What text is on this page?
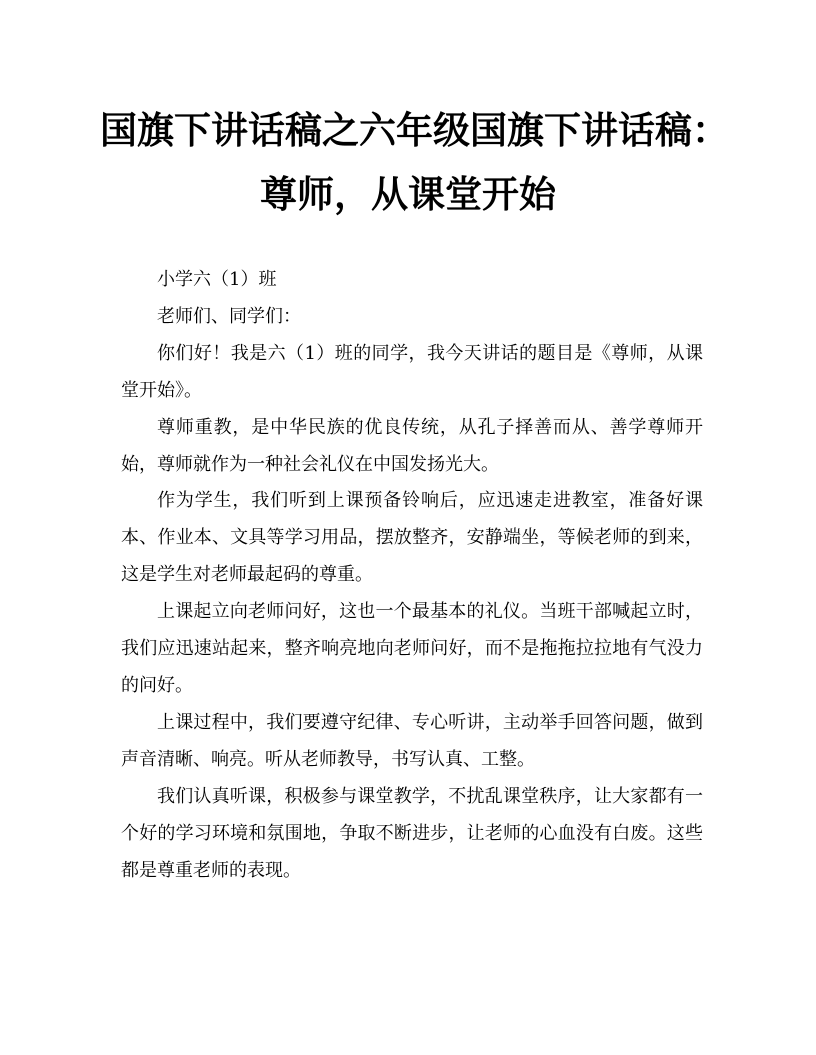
国旗下讲话稿之六年级国旗下讲话稿：
尊师，从课堂开始

小学六（1）班

老师们、同学们：

你们好！我是六（1）班的同学，我今天讲话的题目是《尊师，从课堂开始》。

尊师重教，是中华民族的优良传统，从孔子择善而从、善学尊师开始，尊师就作为一种社会礼仪在中国发扬光大。

作为学生，我们听到上课预备铃响后，应迅速走进教室，准备好课本、作业本、文具等学习用品，摆放整齐，安静端坐，等候老师的到来，这是学生对老师最起码的尊重。

上课起立向老师问好，这也一个最基本的礼仪。当班干部喊起立时，我们应迅速站起来，整齐响亮地向老师问好，而不是拖拖拉拉地有气没力的问好。

上课过程中，我们要遵守纪律、专心听讲，主动举手回答问题，做到声音清晰、响亮。听从老师教导，书写认真、工整。

我们认真听课，积极参与课堂教学，不扰乱课堂秩序，让大家都有一个好的学习环境和氛围地，争取不断进步，让老师的心血没有白废。这些都是尊重老师的表现。
